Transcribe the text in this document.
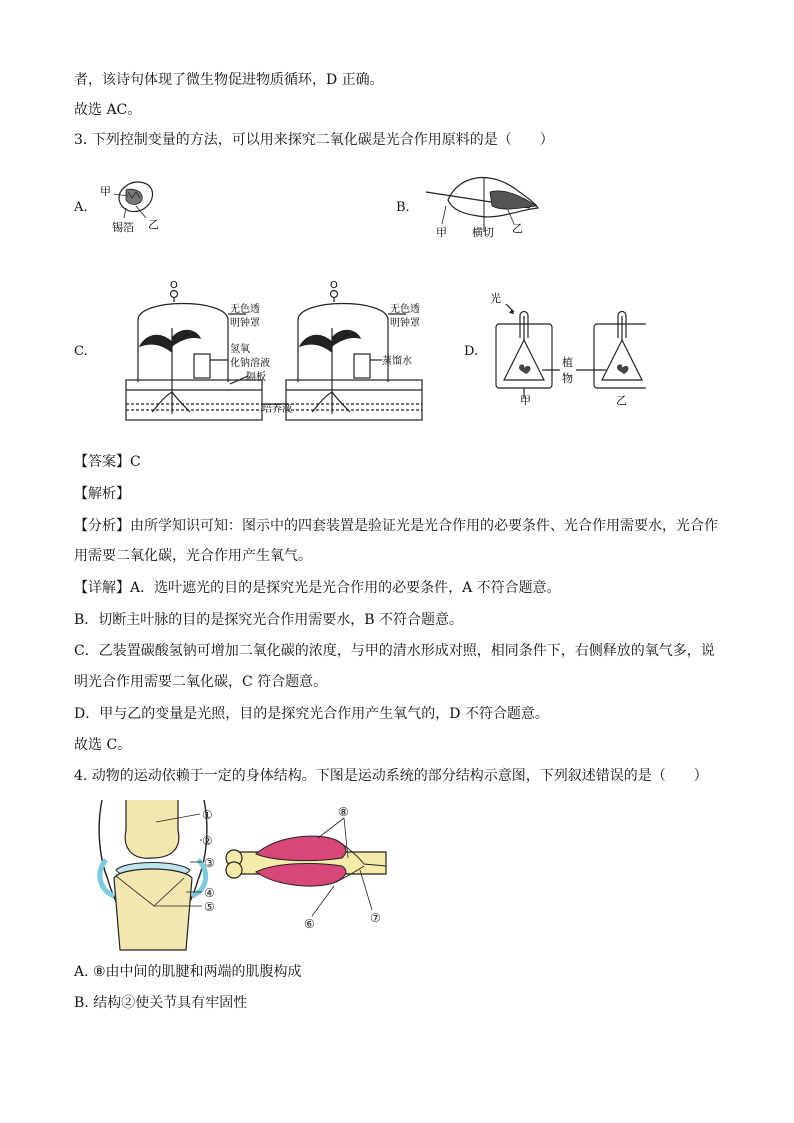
者，该诗句体现了微生物促进物质循环，D 正确。
故选 AC。
3. 下列控制变量的方法，可以用来探究二氧化碳是光合作用原料的是（　　）
A.	B.
C.	D.
甲
乙
锡箔	甲 横切 乙
O	O
无色透
明钟罩
氢氧
化钠溶液
隔板
培养液
无色透
明钟罩
蒸馏水
光
植
物
甲	乙
【答案】C
【解析】
【分析】由所学知识可知：图示中的四套装置是验证光是光合作用的必要条件、光合作用需要水，光合作
用需要二氧化碳，光合作用产生氧气。
【详解】A．选叶遮光的目的是探究光是光合作用的必要条件，A 不符合题意。
B．切断主叶脉的目的是探究光合作用需要水，B 不符合题意。
C．乙装置碳酸氢钠可增加二氧化碳的浓度，与甲的清水形成对照，相同条件下，右侧释放的氧气多，说
明光合作用需要二氧化碳，C 符合题意。
D．甲与乙的变量是光照，目的是探究光合作用产生氧气的，D 不符合题意。
故选 C。
4. 动物的运动依赖于一定的身体结构。下图是运动系统的部分结构示意图，下列叙述错误的是（　　）
①
②
③
④
⑤
⑧
⑥	⑦
A. ⑧由中间的肌腱和两端的肌腹构成
B. 结构②使关节具有牢固性
